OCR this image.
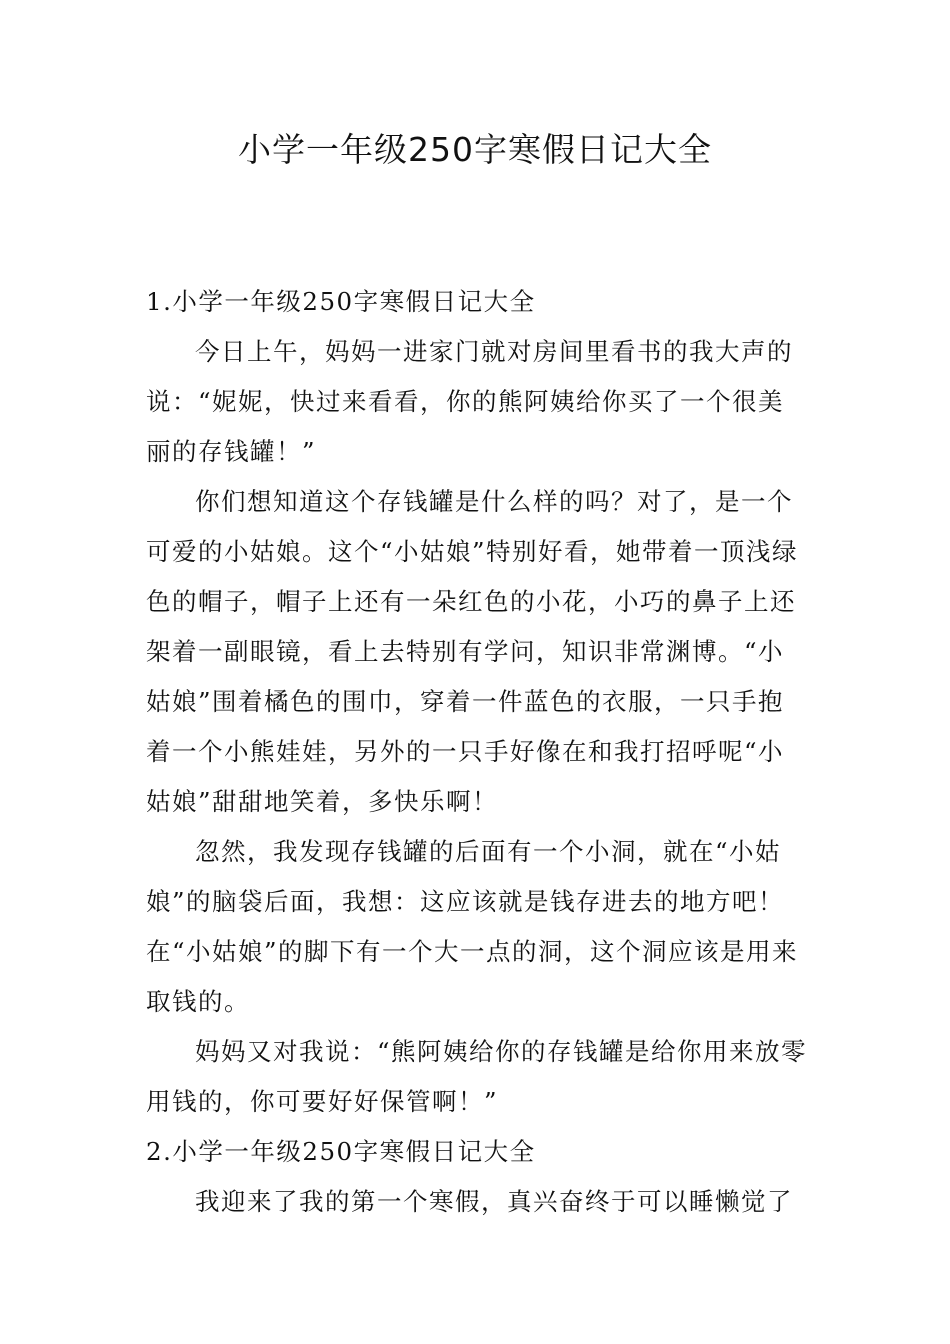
小学一年级250字寒假日记大全

1.小学一年级250字寒假日记大全

今日上午，妈妈一进家门就对房间里看书的我大声的说：“妮妮，快过来看看，你的熊阿姨给你买了一个很美丽的存钱罐！”

你们想知道这个存钱罐是什么样的吗？对了，是一个可爱的小姑娘。这个“小姑娘”特别好看，她带着一顶浅绿色的帽子，帽子上还有一朵红色的小花，小巧的鼻子上还架着一副眼镜，看上去特别有学问，知识非常渊博。“小姑娘”围着橘色的围巾，穿着一件蓝色的衣服，一只手抱着一个小熊娃娃，另外的一只手好像在和我打招呼呢“小姑娘”甜甜地笑着，多快乐啊！

忽然，我发现存钱罐的后面有一个小洞，就在“小姑娘”的脑袋后面，我想：这应该就是钱存进去的地方吧！在“小姑娘”的脚下有一个大一点的洞，这个洞应该是用来取钱的。

妈妈又对我说：“熊阿姨给你的存钱罐是给你用来放零用钱的，你可要好好保管啊！”

2.小学一年级250字寒假日记大全

我迎来了我的第一个寒假，真兴奋终于可以睡懒觉了
